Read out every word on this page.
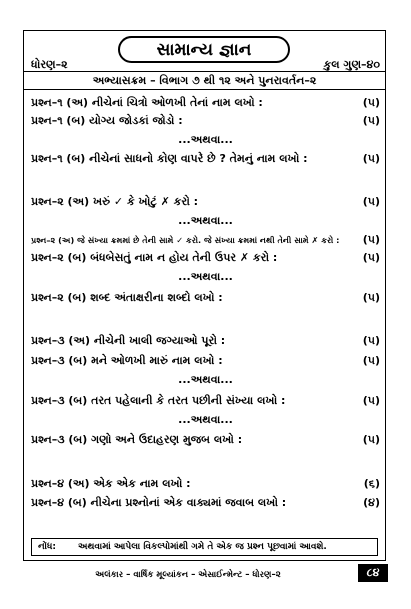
સામાન્ય જ્ઞાન
ધોરણ–૨	કુલ ગુણ–૪૦
અભ્યાસક્રમ – વિભાગ ૭ થી ૧૨ અને પુનરાવર્તન–૨
પ્રશ્ન–૧ (અ) નીચેનાં ચિત્રો ઓળખી તેનાં નામ લખો :	(૫)
પ્રશ્ન–૧ (બ) યોગ્ય જોડકાં જોડો :	(૫)
...અથવા...
પ્રશ્ન–૧ (બ) નીચેનાં સાધનો કોણ વાપરે છે ? તેમનું નામ લખો :	(૫)
પ્રશ્ન–૨ (અ) ખરું ✓ કે ખોટું ✗ કરો :	(૫)
...અથવા...
પ્રશ્ન–૨ (અ) જે સંખ્યા ક્રમમાં છે તેની સામે ✓ કરો. જે સંખ્યા ક્રમમાં નથી તેની સામે ✗ કરો : (૫)
પ્રશ્ન–૨ (બ) બંધબેસતું નામ ન હોય તેની ઉપર ✗ કરો :	(૫)
...અથવા...
પ્રશ્ન–૨ (બ) શબ્દ અંતાક્ષરીના શબ્દો લખો :	(૫)
પ્રશ્ન–૩ (અ) નીચેની ખાલી જગ્યાઓ પૂરો :	(૫)
પ્રશ્ન–૩ (બ) મને ઓળખી મારું નામ લખો :	(૫)
...અથવા...
પ્રશ્ન–૩ (બ) તરત પહેલાની કે તરત પછીની સંખ્યા લખો :	(૫)
...અથવા...
પ્રશ્ન–૩ (બ) ગણો અને ઉદાહરણ મુજબ લખો :	(૫)
પ્રશ્ન–૪ (અ) એક એક નામ લખો :	(૬)
પ્રશ્ન–૪ (બ) નીચેના પ્રશ્નોનાં એક વાક્યમાં જવાબ લખો :	(૪)
નોંધ:	અથવામાં આપેલા વિકલ્પોમાંથી ગમે તે એક જ પ્રશ્ન પૂછવામાં આવશે.
અલંકાર – વાર્ષિક મૂલ્યાંકન – એસાઈન્મેન્ટ – ધોરણ–૨	૮૪
